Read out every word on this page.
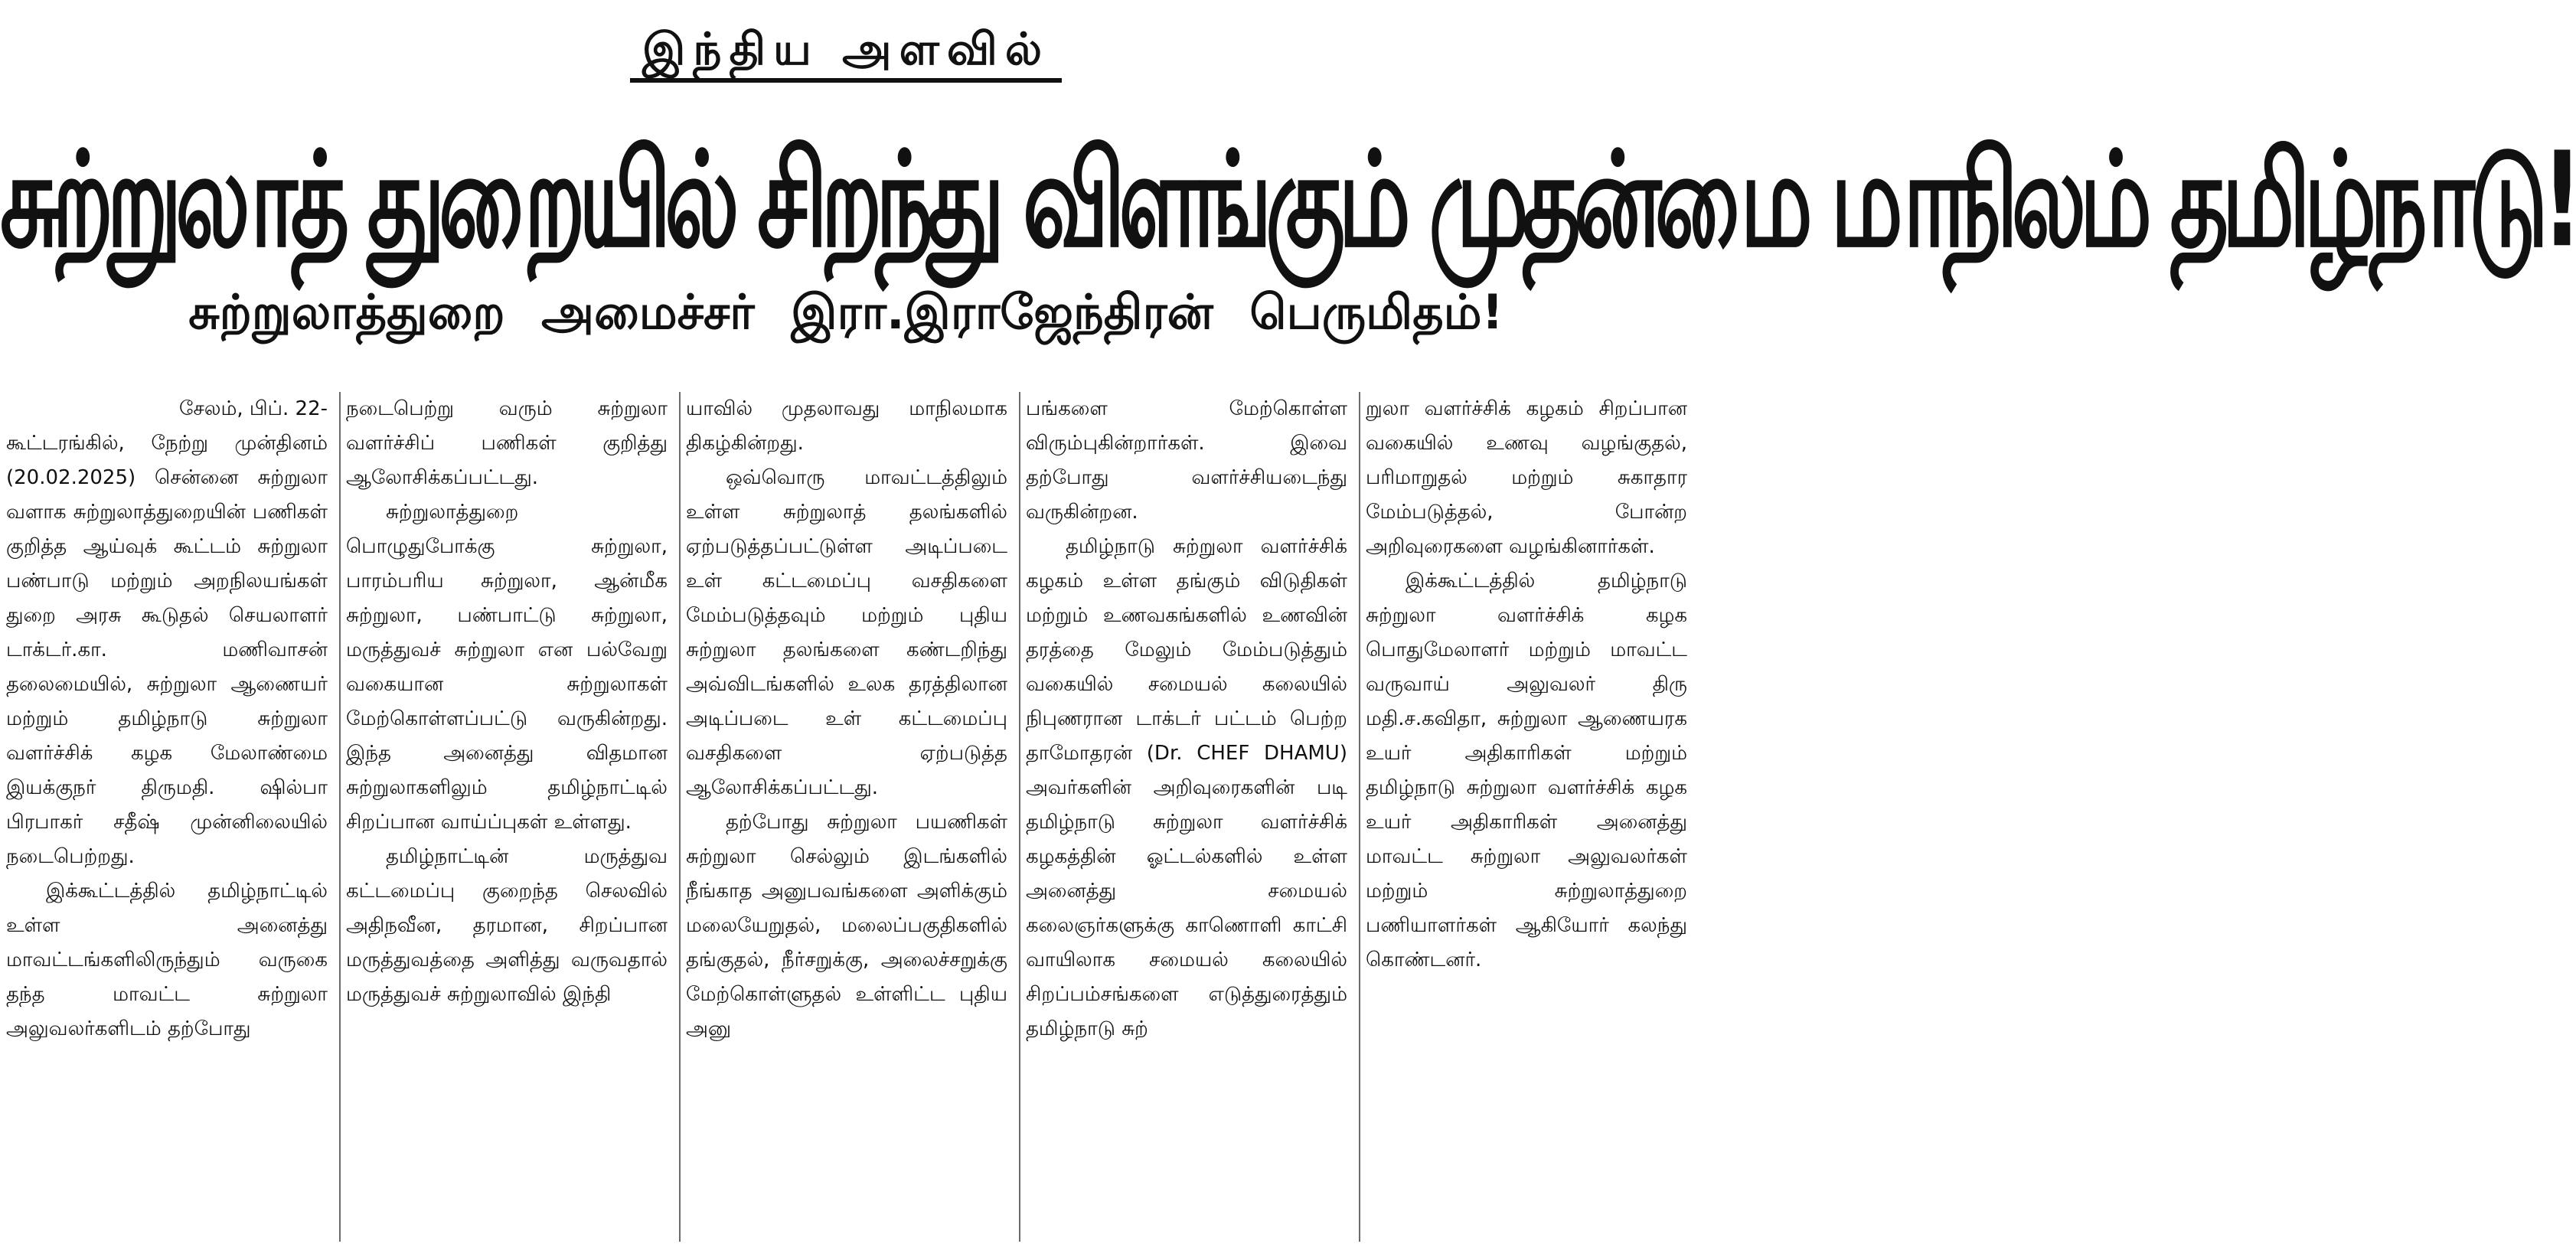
இந்திய அளவில்
சுற்றுலாத் துறையில் சிறந்து விளங்கும் முதன்மை மாநிலம் தமிழ்நாடு!
சுற்றுலாத்துறை அமைச்சர் இரா.இராஜேந்திரன் பெருமிதம்!

சேலம், பிப். 22-

கூட்டரங்கில், நேற்று முன்தினம் (20.02.2025) சென்னை சுற்றுலா வளாக சுற்றுலாத்துறையின் பணிகள் குறித்த ஆய்வுக் கூட்டம் சுற்றுலா பண்பாடு மற்றும் அறநிலயங்கள் துறை அரசு கூடுதல் செயலாளர் டாக்டர்.கா. மணிவாசன் தலைமையில், சுற்றுலா ஆணையர் மற்றும் தமிழ்நாடு சுற்றுலா வளர்ச்சிக் கழக மேலாண்மை இயக்குநர் திருமதி. ஷில்பா பிரபாகர் சதீஷ் முன்னிலையில் நடைபெற்றது.

இக்கூட்டத்தில் தமிழ்நாட்டில் உள்ள அனைத்து மாவட்டங்களிலிருந்தும் வருகை தந்த மாவட்ட சுற்றுலா அலுவலர்களிடம் தற்போது

நடைபெற்று வரும் சுற்றுலா வளர்ச்சிப் பணிகள் குறித்து ஆலோசிக்கப்பட்டது.

சுற்றுலாத்துறை பொழுதுபோக்கு சுற்றுலா, பாரம்பரிய சுற்றுலா, ஆன்மீக சுற்றுலா, பண்பாட்டு சுற்றுலா, மருத்துவச் சுற்றுலா என பல்வேறு வகையான சுற்றுலாகள் மேற்கொள்ளப்பட்டு வருகின்றது. இந்த அனைத்து விதமான சுற்றுலாகளிலும் தமிழ்நாட்டில் சிறப்பான வாய்ப்புகள் உள்ளது.

தமிழ்நாட்டின் மருத்துவ கட்டமைப்பு குறைந்த செலவில் அதிநவீன, தரமான, சிறப்பான மருத்துவத்தை அளித்து வருவதால் மருத்துவச் சுற்றுலாவில் இந்தி

யாவில் முதலாவது மாநிலமாக திகழ்கின்றது.

ஒவ்வொரு மாவட்டத்திலும் உள்ள சுற்றுலாத் தலங்களில் ஏற்படுத்தப்பட்டுள்ள அடிப்படை உள் கட்டமைப்பு வசதிகளை மேம்படுத்தவும் மற்றும் புதிய சுற்றுலா தலங்களை கண்டறிந்து அவ்விடங்களில் உலக தரத்திலான அடிப்படை உள் கட்டமைப்பு வசதிகளை ஏற்படுத்த ஆலோசிக்கப்பட்டது.

தற்போது சுற்றுலா பயணிகள் சுற்றுலா செல்லும் இடங்களில் நீங்காத அனுபவங்களை அளிக்கும் மலையேறுதல், மலைப்பகுதிகளில் தங்குதல், நீர்சறுக்கு, அலைச்சறுக்கு மேற்கொள்ளுதல் உள்ளிட்ட புதிய அனு

பங்களை மேற்கொள்ள விரும்புகின்றார்கள். இவை தற்போது வளர்ச்சியடைந்து வருகின்றன.

தமிழ்நாடு சுற்றுலா வளர்ச்சிக் கழகம் உள்ள தங்கும் விடுதிகள் மற்றும் உணவகங்களில் உணவின் தரத்தை மேலும் மேம்படுத்தும் வகையில் சமையல் கலையில் நிபுணரான டாக்டர் பட்டம் பெற்ற தாமோதரன் (Dr. CHEF DHAMU) அவர்களின் அறிவுரைகளின் படி தமிழ்நாடு சுற்றுலா வளர்ச்சிக் கழகத்தின் ஓட்டல்களில் உள்ள அனைத்து சமையல் கலைஞர்களுக்கு காணொளி காட்சி வாயிலாக சமையல் கலையில் சிறப்பம்சங்களை எடுத்துரைத்தும் தமிழ்நாடு சுற்

றுலா வளர்ச்சிக் கழகம் சிறப்பான வகையில் உணவு வழங்குதல், பரிமாறுதல் மற்றும் சுகாதார மேம்படுத்தல், போன்ற அறிவுரைகளை வழங்கினார்கள்.

இக்கூட்டத்தில் தமிழ்நாடு சுற்றுலா வளர்ச்சிக் கழக பொதுமேலாளர் மற்றும் மாவட்ட வருவாய் அலுவலர் திரு மதி.ச.கவிதா, சுற்றுலா ஆணையரக உயர் அதிகாரிகள் மற்றும் தமிழ்நாடு சுற்றுலா வளர்ச்சிக் கழக உயர் அதிகாரிகள் அனைத்து மாவட்ட சுற்றுலா அலுவலர்கள் மற்றும் சுற்றுலாத்துறை பணியாளர்கள் ஆகியோர் கலந்து கொண்டனர்.
